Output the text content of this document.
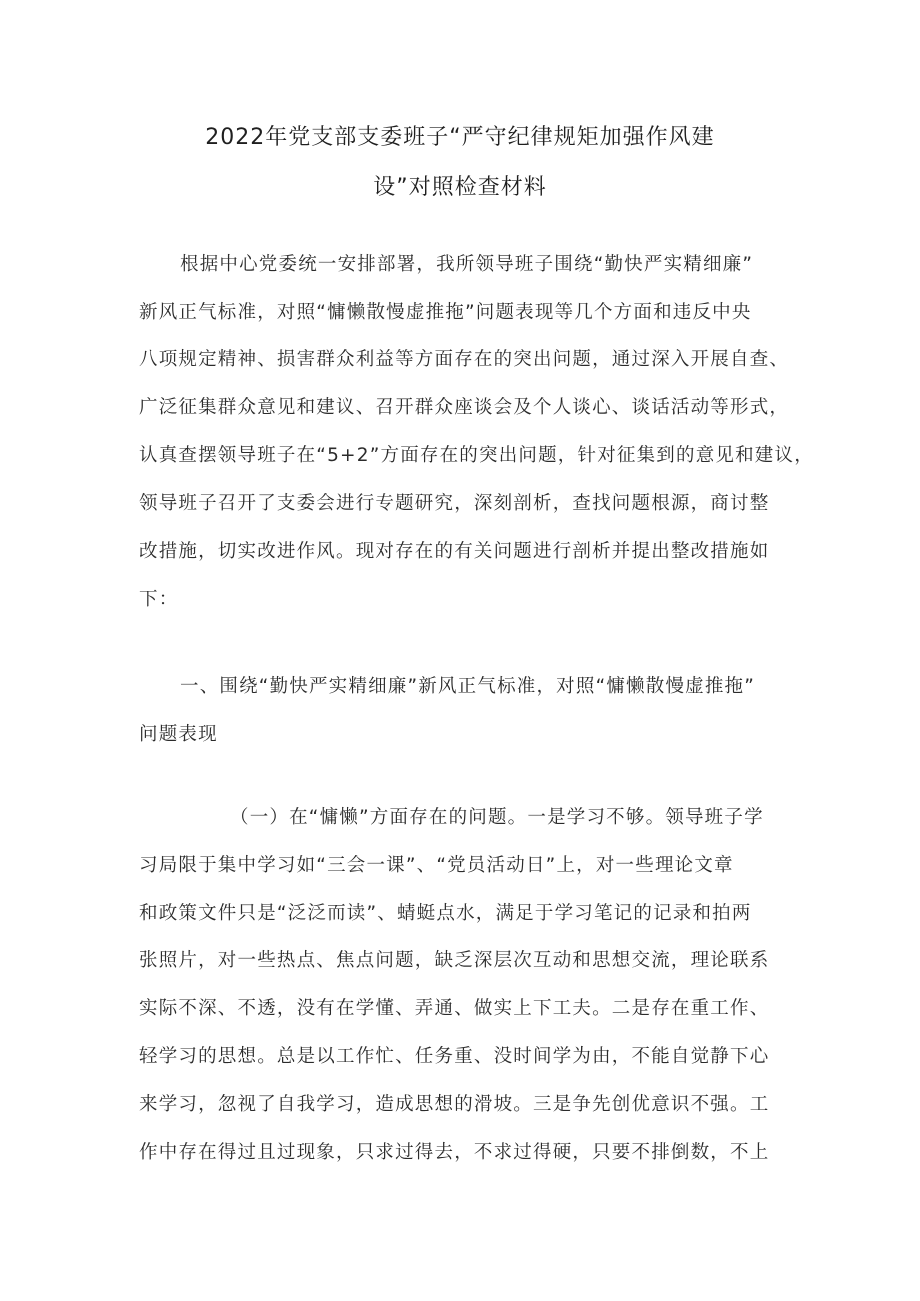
2022年党支部支委班子“严守纪律规矩加强作风建
设”对照检查材料
根据中心党委统一安排部署，我所领导班子围绕“勤快严实精细廉”
新风正气标准，对照“慵懒散慢虚推拖”问题表现等几个方面和违反中央
八项规定精神、损害群众利益等方面存在的突出问题，通过深入开展自查、
广泛征集群众意见和建议、召开群众座谈会及个人谈心、谈话活动等形式，
认真查摆领导班子在“5+2”方面存在的突出问题，针对征集到的意见和建议，
领导班子召开了支委会进行专题研究，深刻剖析，查找问题根源，商讨整
改措施，切实改进作风。现对存在的有关问题进行剖析并提出整改措施如
下：
一、围绕“勤快严实精细廉”新风正气标准，对照“慵懒散慢虚推拖”
问题表现
（一）在“慵懒”方面存在的问题。一是学习不够。领导班子学
习局限于集中学习如“三会一课”、“党员活动日”上，对一些理论文章
和政策文件只是“泛泛而读”、蜻蜓点水，满足于学习笔记的记录和拍两
张照片，对一些热点、焦点问题，缺乏深层次互动和思想交流，理论联系
实际不深、不透，没有在学懂、弄通、做实上下工夫。二是存在重工作、
轻学习的思想。总是以工作忙、任务重、没时间学为由，不能自觉静下心
来学习，忽视了自我学习，造成思想的滑坡。三是争先创优意识不强。工
作中存在得过且过现象，只求过得去，不求过得硬，只要不排倒数，不上
